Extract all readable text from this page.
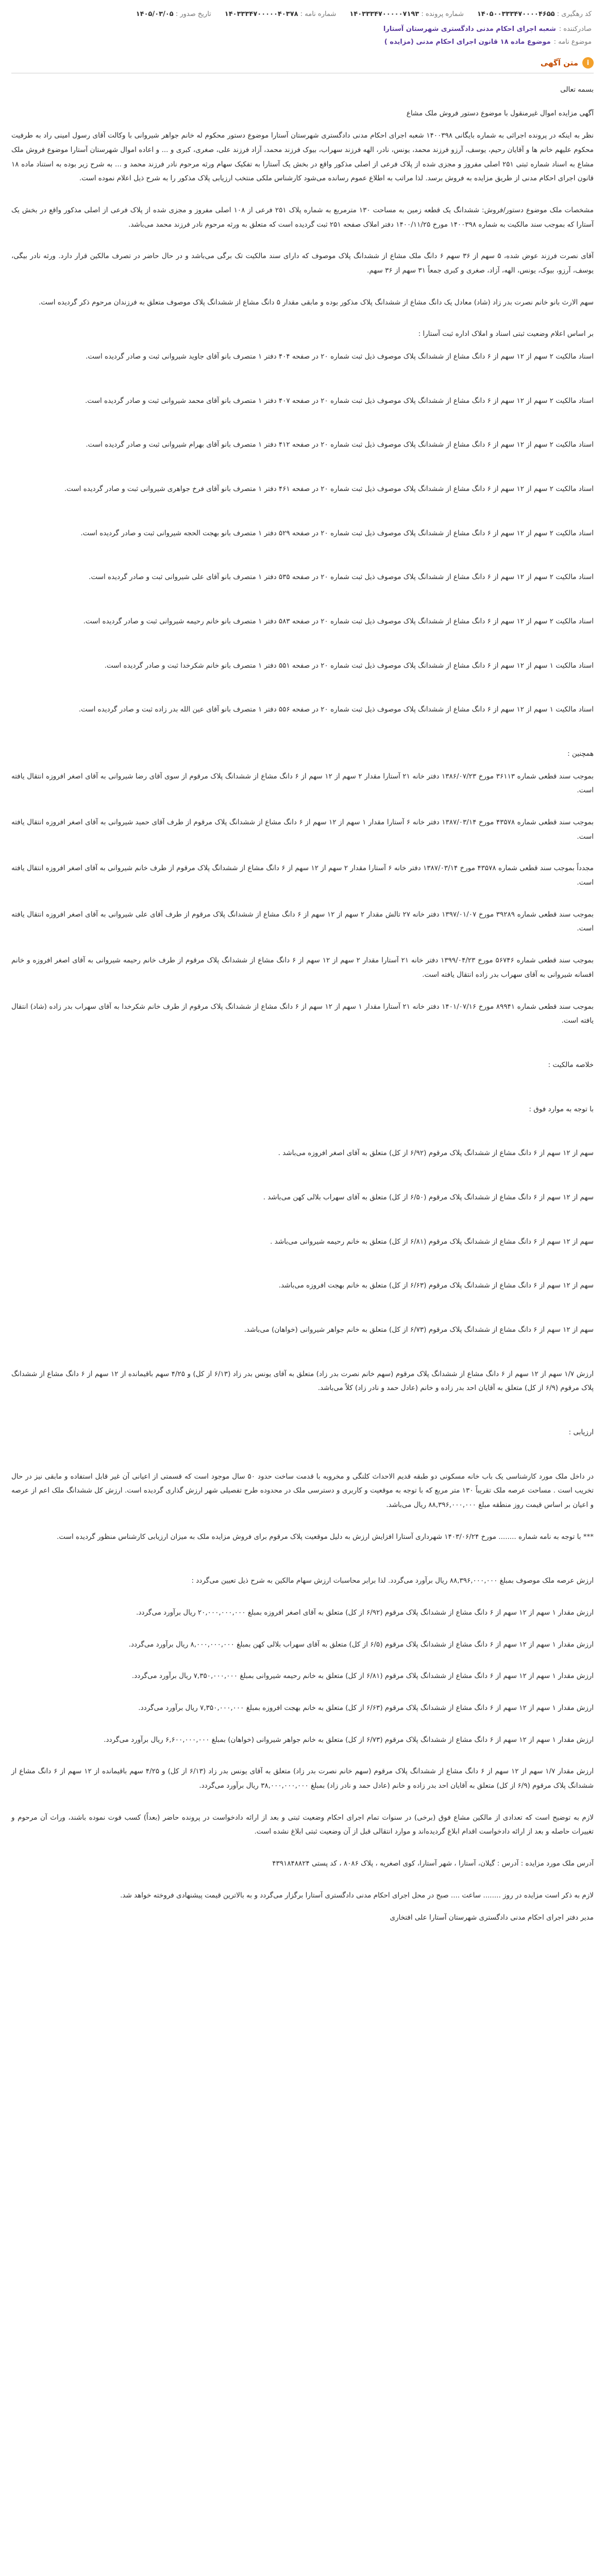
کد رهگیری : ۱۴۰۵۰۰۳۳۳۴۷۰۰۰۰۴۶۵۵
شماره پرونده : ۱۴۰۳۳۳۴۷۰۰۰۰۰۷۱۹۳
شماره نامه : ۱۴۰۳۳۳۴۷۰۰۰۰۰۴۰۳۷۸
تاریخ صدور : ۱۴۰۵/۰۳/۰۵
صادرکننده :
شعبه اجرای احکام مدنی دادگستری شهرستان آستارا
موضوع نامه :
موضوع ماده ۱۸ قانون اجرای احکام مدنی (مزایده )
i
متن آگهی

بسمه تعالی

آگهی مزایده اموال غیرمنقول با موضوع دستور فروش ملک مشاع

نظر به اینکه در پرونده اجرائی به شماره بایگانی ۱۴۰۰۳۹۸ شعبه اجرای احکام مدنی دادگستری شهرستان آستارا موضوع دستور محکوم له خانم جواهر شیروانی با وکالت آقای رسول امینی راد به طرفیت محکوم علیهم خانم ها و آقایان رحیم، یوسف، آرزو فرزند محمد، یونس، نادر، الهه فرزند سهراب، بیوک فرزند محمد، آزاد فرزند علی، صغری، کبری و ... و اعاده اموال شهرستان آستارا موضوع فروش ملک مشاع به اسناد شماره ثبتی ۲۵۱ اصلی مفروز و مجزی شده از پلاک فرعی از اصلی مذکور واقع در بخش یک آستارا به تفکیک سهام ورثه مرحوم نادر فرزند محمد و ... به شرح زیر بوده به استناد ماده ۱۸ قانون اجرای احکام مدنی از طریق مزایده به فروش برسد. لذا مراتب به اطلاع عموم رسانده می‌شود کارشناس ملکی منتخب ارزیابی پلاک مذکور را به شرح ذیل اعلام نموده است.

مشخصات ملک موضوع دستور/فروش: ششدانگ یک قطعه زمین به مساحت ۱۳۰ مترمربع به شماره پلاک ۲۵۱ فرعی از ۱۰۸ اصلی مفروز و مجزی شده از پلاک فرعی از اصلی مذکور واقع در بخش یک آستارا که بموجب سند مالکیت به شماره ۱۴۰۰۳۹۸ مورخ ۱۴۰۰/۱۱/۲۵ دفتر املاک صفحه ۲۵۱ ثبت گردیده است که متعلق به ورثه مرحوم نادر فرزند محمد می‌باشد.

آقای نصرت فرزند عوض شده، ۵ سهم از ۳۶ سهم ۶ دانگ ملک مشاع از ششدانگ پلاک موصوف که دارای سند مالکیت تک برگی می‌باشد و در حال حاضر در تصرف مالکین قرار دارد. ورثه نادر بیگی، یوسف، آرزو، بیوک، یونس، الهه، آزاد، صغری و کبری جمعاً ۳۱ سهم از ۳۶ سهم.

سهم الارث بانو خانم نصرت بدر زاد (شاد) معادل یک دانگ مشاع از ششدانگ پلاک مذکور بوده و مابقی مقدار ۵ دانگ مشاع از ششدانگ پلاک موصوف متعلق به فرزندان مرحوم ذکر گردیده است.

بر اساس اعلام وضعیت ثبتی اسناد و املاک اداره ثبت آستارا :

اسناد مالکیت ۲ سهم از ۱۲ سهم از ۶ دانگ مشاع از ششدانگ پلاک موصوف ذیل ثبت شماره ۲۰ در صفحه ۴۰۴ دفتر ۱ متصرف بانو آقای جاوید شیروانی ثبت و صادر گردیده است.

اسناد مالکیت ۲ سهم از ۱۲ سهم از ۶ دانگ مشاع از ششدانگ پلاک موصوف ذیل ثبت شماره ۲۰ در صفحه ۴۰۷ دفتر ۱ متصرف بانو آقای محمد شیروانی ثبت و صادر گردیده است.

اسناد مالکیت ۲ سهم از ۱۲ سهم از ۶ دانگ مشاع از ششدانگ پلاک موصوف ذیل ثبت شماره ۲۰ در صفحه ۴۱۲ دفتر ۱ متصرف بانو آقای بهرام شیروانی ثبت و صادر گردیده است.

اسناد مالکیت ۲ سهم از ۱۲ سهم از ۶ دانگ مشاع از ششدانگ پلاک موصوف ذیل ثبت شماره ۲۰ در صفحه ۴۶۱ دفتر ۱ متصرف بانو آقای فرخ جواهری شیروانی ثبت و صادر گردیده است.

اسناد مالکیت ۲ سهم از ۱۲ سهم از ۶ دانگ مشاع از ششدانگ پلاک موصوف ذیل ثبت شماره ۲۰ در صفحه ۵۲۹ دفتر ۱ متصرف بانو بهجت الحجه شیروانی ثبت و صادر گردیده است.

اسناد مالکیت ۲ سهم از ۱۲ سهم از ۶ دانگ مشاع از ششدانگ پلاک موصوف ذیل ثبت شماره ۲۰ در صفحه ۵۳۵ دفتر ۱ متصرف بانو آقای علی شیروانی ثبت و صادر گردیده است.

اسناد مالکیت ۲ سهم از ۱۲ سهم از ۶ دانگ مشاع از ششدانگ پلاک موصوف ذیل ثبت شماره ۲۰ در صفحه ۵۸۳ دفتر ۱ متصرف بانو خانم رحیمه شیروانی ثبت و صادر گردیده است.

اسناد مالکیت ۱ سهم از ۱۲ سهم از ۶ دانگ مشاع از ششدانگ پلاک موصوف ذیل ثبت شماره ۲۰ در صفحه ۵۵۱ دفتر ۱ متصرف بانو خانم شکرخدا ثبت و صادر گردیده است.

اسناد مالکیت ۱ سهم از ۱۲ سهم از ۶ دانگ مشاع از ششدانگ پلاک موصوف ذیل ثبت شماره ۲۰ در صفحه ۵۵۶ دفتر ۱ متصرف بانو آقای عین الله بدر زاده ثبت و صادر گردیده است.

همچنین :

بموجب سند قطعی شماره ۳۶۱۱۳ مورخ ۱۳۸۶/۰۷/۲۳ دفتر خانه ۲۱ آستارا مقدار ۲ سهم از ۱۲ سهم از ۶ دانگ مشاع از ششدانگ پلاک مرقوم از سوی آقای رضا شیروانی به آقای اصغر افروزه انتقال یافته است.

بموجب سند قطعی شماره ۴۳۵۷۸ مورخ ۱۳۸۷/۰۳/۱۴ دفتر خانه ۶ آستارا مقدار ۱ سهم از ۱۲ سهم از ۶ دانگ مشاع از ششدانگ پلاک مرقوم از طرف آقای حمید شیروانی به آقای اصغر افروزه انتقال یافته است.

مجدداً بموجب سند قطعی شماره ۴۳۵۷۸ مورخ ۱۳۸۷/۰۳/۱۴ دفتر خانه ۶ آستارا مقدار ۲ سهم از ۱۲ سهم از ۶ دانگ مشاع از ششدانگ پلاک مرقوم از طرف خانم شیروانی به آقای اصغر افروزه انتقال یافته است.

بموجب سند قطعی شماره ۳۹۲۸۹ مورخ ۱۳۹۷/۰۱/۰۷ دفتر خانه ۲۷ تالش مقدار ۲ سهم از ۱۲ سهم از ۶ دانگ مشاع از ششدانگ پلاک مرقوم از طرف آقای علی شیروانی به آقای اصغر افروزه انتقال یافته است.

بموجب سند قطعی شماره ۵۶۷۴۶ مورخ ۱۳۹۹/۰۴/۲۳ دفتر خانه ۲۱ آستارا مقدار ۲ سهم از ۱۲ سهم از ۶ دانگ مشاع از ششدانگ پلاک مرقوم از طرف خانم رحیمه شیروانی به آقای اصغر افروزه و خانم افسانه شیروانی به آقای سهراب بدر زاده انتقال یافته است.

بموجب سند قطعی شماره ۸۹۹۴۱ مورخ ۱۴۰۱/۰۷/۱۶ دفتر خانه ۲۱ آستارا مقدار ۱ سهم از ۱۲ سهم از ۶ دانگ مشاع از ششدانگ پلاک مرقوم از طرف خانم شکرخدا به آقای سهراب بدر زاده (شاد) انتقال یافته است.

خلاصه مالکیت :

با توجه به موارد فوق :

سهم از ۱۲ سهم از ۶ دانگ مشاع از ششدانگ پلاک مرقوم (۶/۹۲ از کل) متعلق به آقای اصغر افروزه می‌باشد .

سهم از ۱۲ سهم از ۶ دانگ مشاع از ششدانگ پلاک مرقوم (۶/۵۰ از کل) متعلق به آقای سهراب بلالی کهن می‌باشد .

سهم از ۱۲ سهم از ۶ دانگ مشاع از ششدانگ پلاک مرقوم (۶/۸۱ از کل) متعلق به خانم رحیمه شیروانی می‌باشد .

سهم از ۱۲ سهم از ۶ دانگ مشاع از ششدانگ پلاک مرقوم (۶/۶۳ از کل) متعلق به خانم بهجت افروزه می‌باشد.

سهم از ۱۲ سهم از ۶ دانگ مشاع از ششدانگ پلاک مرقوم (۶/۷۳ از کل) متعلق به خانم جواهر شیروانی (خواهان) می‌باشد.

ارزش ۱/۷ سهم از ۱۲ سهم از ۶ دانگ مشاع از ششدانگ پلاک مرقوم (سهم خانم نصرت بدر زاد) متعلق به آقای یونس بدر زاد (۶/۱۳ از کل) و ۴/۲۵ سهم باقیمانده از ۱۲ سهم از ۶ دانگ مشاع از ششدانگ پلاک مرقوم (۶/۹ از کل) متعلق به آقایان احد بدر زاده و خانم (عادل حمد و نادر زاد) کلاً می‌باشد.

ارزیابی :

در داخل ملک مورد کارشناسی یک باب خانه مسکونی دو طبقه قدیم الاحداث کلنگی و مخروبه با قدمت ساخت حدود ۵۰ سال موجود است که قسمتی از اعیانی آن غیر قابل استفاده و مابقی نیز در حال تخریب است . مساحت عرصه ملک تقریباً ۱۳۰ متر مربع که با توجه به موقعیت و کاربری و دسترسی ملک در محدوده طرح تفصیلی شهر ارزش گذاری گردیده است. ارزش کل ششدانگ ملک اعم از عرصه و اعیان بر اساس قیمت روز منطقه مبلغ ۸۸,۳۹۶,۰۰۰,۰۰۰ ریال می‌باشد.

*** با توجه به نامه شماره ........ مورخ ۱۴۰۳/۰۶/۲۴ شهرداری آستارا افزایش ارزش به دلیل موقعیت پلاک مرقوم برای فروش مزایده ملک به میزان ارزیابی کارشناس منظور گردیده است.

ارزش عرصه ملک موصوف بمبلغ ۸۸,۳۹۶,۰۰۰,۰۰۰ ریال برآورد می‌گردد. لذا برابر محاسبات ارزش سهام مالکین به شرح ذیل تعیین می‌گردد :

ارزش مقدار ۱ سهم از ۱۲ سهم از ۶ دانگ مشاع از ششدانگ پلاک مرقوم (۶/۹۲ از کل) متعلق به آقای اصغر افروزه بمبلغ ۲۰,۰۰۰,۰۰۰,۰۰۰ ریال برآورد می‌گردد.

ارزش مقدار ۱ سهم از ۱۲ سهم از ۶ دانگ مشاع از ششدانگ پلاک مرقوم (۶/۵ از کل) متعلق به آقای سهراب بلالی کهن بمبلغ ۸,۰۰۰,۰۰۰,۰۰۰ ریال برآورد می‌گردد.

ارزش مقدار ۱ سهم از ۱۲ سهم از ۶ دانگ مشاع از ششدانگ پلاک مرقوم (۶/۸۱ از کل) متعلق به خانم رحیمه شیروانی بمبلغ ۷,۳۵۰,۰۰۰,۰۰۰ ریال برآورد می‌گردد.

ارزش مقدار ۱ سهم از ۱۲ سهم از ۶ دانگ مشاع از ششدانگ پلاک مرقوم (۶/۶۳ از کل) متعلق به خانم بهجت افروزه بمبلغ ۷,۳۵۰,۰۰۰,۰۰۰ ریال برآورد می‌گردد.

ارزش مقدار ۱ سهم از ۱۲ سهم از ۶ دانگ مشاع از ششدانگ پلاک مرقوم (۶/۷۳ از کل) متعلق به خانم جواهر شیروانی (خواهان) بمبلغ ۶,۶۰۰,۰۰۰,۰۰۰ ریال برآورد می‌گردد.

ارزش مقدار ۱/۷ سهم از ۱۲ سهم از ۶ دانگ مشاع از ششدانگ پلاک مرقوم (سهم خانم نصرت بدر زاد) متعلق به آقای یونس بدر زاد (۶/۱۳ از کل) و ۴/۲۵ سهم باقیمانده از ۱۲ سهم از ۶ دانگ مشاع از ششدانگ پلاک مرقوم (۶/۹ از کل) متعلق به آقایان احد بدر زاده و خانم (عادل حمد و نادر زاد) بمبلغ ۳۸,۰۰۰,۰۰۰,۰۰۰ ریال برآورد می‌گردد.

لازم به توضیح است که تعدادی از مالکین مشاع فوق (برخی) در سنوات تمام اجرای احکام وضعیت ثبتی و بعد از ارائه دادخواست در پرونده حاضر (بعداً) کسب فوت نموده باشند، وراث آن مرحوم و تغییرات حاصله و بعد از ارائه دادخواست اقدام ابلاغ گردیده‌اند و موارد انتقالی قبل از آن وضعیت ثبتی ابلاغ نشده است.

آدرس ملک مورد مزایده : آدرس : گیلان، آستارا ، شهر آستارا، کوی اصغریه ، پلاک ۸۰۸۶ ، کد پستی ۴۳۹۱۸۴۸۸۲۴

لازم به ذکر است مزایده در روز ........ ساعت .... صبح در محل اجرای احکام مدنی دادگستری آستارا برگزار می‌گردد و به بالاترین قیمت پیشنهادی فروخته خواهد شد.

مدیر دفتر اجرای احکام مدنی دادگستری شهرستان آستارا علی افتخاری
